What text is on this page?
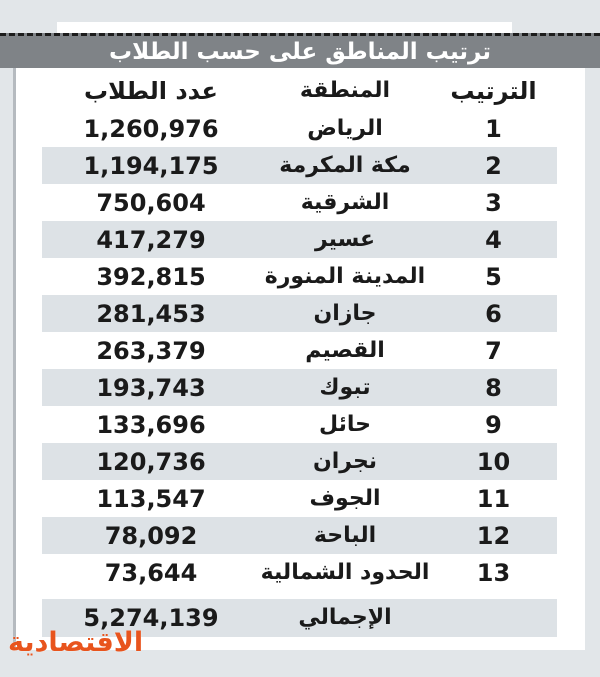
ترتيب المناطق على حسب الطلاب
الترتيب
المنطقة
عدد الطلاب
1
الرياض
1,260,976
2
مكة المكرمة
1,194,175
3
الشرقية
750,604
4
عسير
417,279
5
المدينة المنورة
392,815
6
جازان
281,453
7
القصيم
263,379
8
تبوك
193,743
9
حائل
133,696
10
نجران
120,736
11
الجوف
113,547
12
الباحة
78,092
13
الحدود الشمالية
73,644
الإجمالي
5,274,139
الاقتصادية
